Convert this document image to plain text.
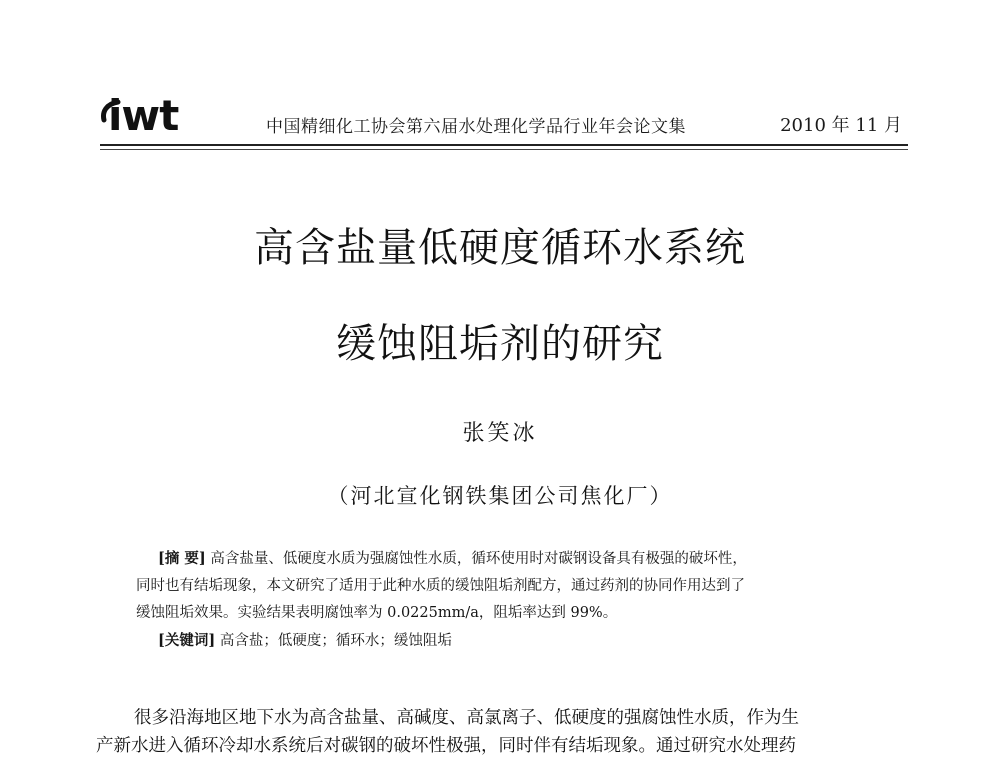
iwt	中国精细化工协会第六届水处理化学品行业年会论文集	2010 年 11 月
高含盐量低硬度循环水系统
缓蚀阻垢剂的研究
张笑冰
（河北宣化钢铁集团公司焦化厂）
[摘 要] 高含盐量、低硬度水质为强腐蚀性水质，循环使用时对碳钢设备具有极强的破坏性，
同时也有结垢现象，本文研究了适用于此种水质的缓蚀阻垢剂配方，通过药剂的协同作用达到了
缓蚀阻垢效果。实验结果表明腐蚀率为 0.0225mm/a，阻垢率达到 99%。
[关键词] 高含盐；低硬度；循环水；缓蚀阻垢
很多沿海地区地下水为高含盐量、高碱度、高氯离子、低硬度的强腐蚀性水质，作为生
产新水进入循环冷却水系统后对碳钢的破坏性极强，同时伴有结垢现象。通过研究水处理药
